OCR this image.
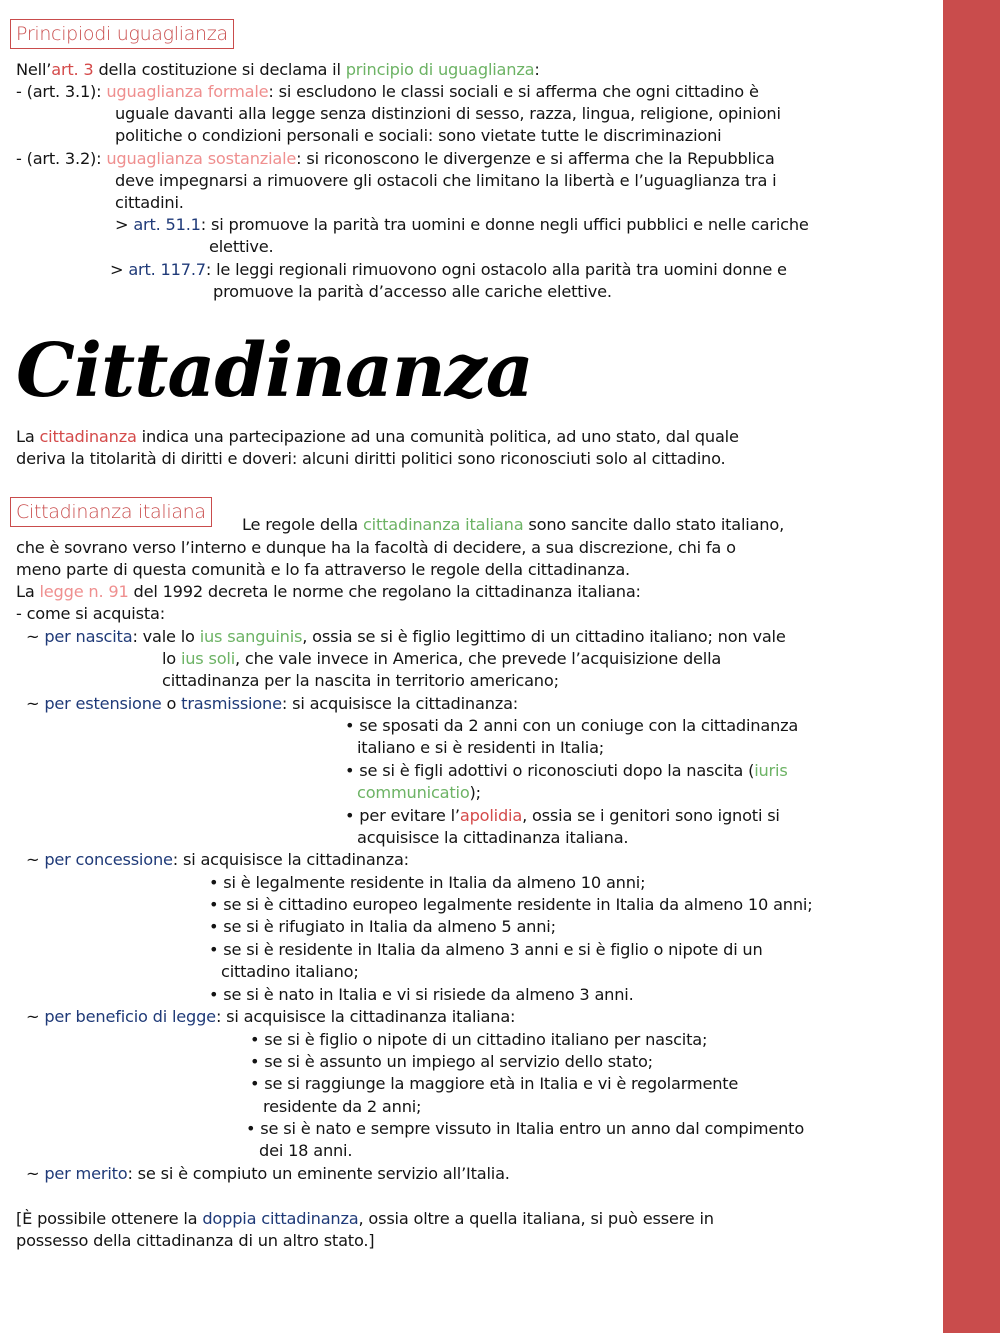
Principiodi uguaglianza
Nell’art. 3 della costituzione si declama il principio di uguaglianza:
- (art. 3.1): uguaglianza formale: si escludono le classi sociali e si afferma che ogni cittadino è
uguale davanti alla legge senza distinzioni di sesso, razza, lingua, religione, opinioni
politiche o condizioni personali e sociali: sono vietate tutte le discriminazioni
- (art. 3.2): uguaglianza sostanziale: si riconoscono le divergenze e si afferma che la Repubblica
deve impegnarsi a rimuovere gli ostacoli che limitano la libertà e l’uguaglianza tra i
cittadini.
> art. 51.1: si promuove la parità tra uomini e donne negli uffici pubblici e nelle cariche
elettive.
> art. 117.7: le leggi regionali rimuovono ogni ostacolo alla parità tra uomini donne e
promuove la parità d’accesso alle cariche elettive.
Cittadinanza
La cittadinanza indica una partecipazione ad una comunità politica, ad uno stato, dal quale
deriva la titolarità di diritti e doveri: alcuni diritti politici sono riconosciuti solo al cittadino.
Cittadinanza italiana
Le regole della cittadinanza italiana sono sancite dallo stato italiano,
che è sovrano verso l’interno e dunque ha la facoltà di decidere, a sua discrezione, chi fa o
meno parte di questa comunità e lo fa attraverso le regole della cittadinanza.
La legge n. 91 del 1992 decreta le norme che regolano la cittadinanza italiana:
- come si acquista:
~ per nascita: vale lo ius sanguinis, ossia se si è figlio legittimo di un cittadino italiano; non vale
lo ius soli, che vale invece in America, che prevede l’acquisizione della
cittadinanza per la nascita in territorio americano;
~ per estensione o trasmissione: si acquisisce la cittadinanza:
• se sposati da 2 anni con un coniuge con la cittadinanza
italiano e si è residenti in Italia;
• se si è figli adottivi o riconosciuti dopo la nascita (iuris
communicatio);
• per evitare l’apolidia, ossia se i genitori sono ignoti si
acquisisce la cittadinanza italiana.
~ per concessione: si acquisisce la cittadinanza:
• si è legalmente residente in Italia da almeno 10 anni;
• se si è cittadino europeo legalmente residente in Italia da almeno 10 anni;
• se si è rifugiato in Italia da almeno 5 anni;
• se si è residente in Italia da almeno 3 anni e si è figlio o nipote di un
cittadino italiano;
• se si è nato in Italia e vi si risiede da almeno 3 anni.
~ per beneficio di legge: si acquisisce la cittadinanza italiana:
• se si è figlio o nipote di un cittadino italiano per nascita;
• se si è assunto un impiego al servizio dello stato;
• se si raggiunge la maggiore età in Italia e vi è regolarmente
residente da 2 anni;
• se si è nato e sempre vissuto in Italia entro un anno dal compimento
dei 18 anni.
~ per merito: se si è compiuto un eminente servizio all’Italia.
[È possibile ottenere la doppia cittadinanza, ossia oltre a quella italiana, si può essere in
possesso della cittadinanza di un altro stato.]
